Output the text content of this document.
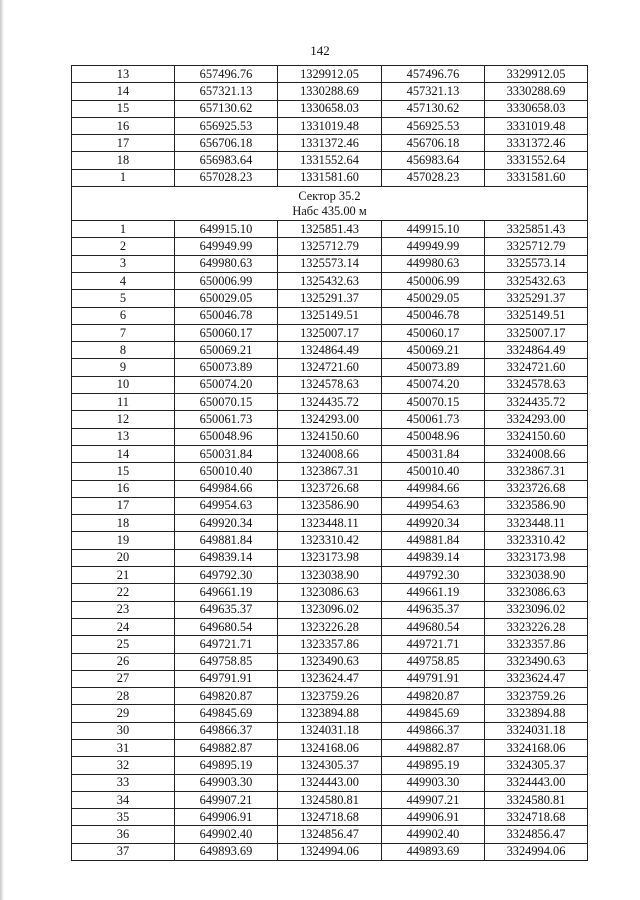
142
13	657496.76	1329912.05	457496.76	3329912.05
14	657321.13	1330288.69	457321.13	3330288.69
15	657130.62	1330658.03	457130.62	3330658.03
16	656925.53	1331019.48	456925.53	3331019.48
17	656706.18	1331372.46	456706.18	3331372.46
18	656983.64	1331552.64	456983.64	3331552.64
1	657028.23	1331581.60	457028.23	3331581.60

Сектор 35.2
Набс 435.00 м				

1	649915.10	1325851.43	449915.10	3325851.43
2	649949.99	1325712.79	449949.99	3325712.79
3	649980.63	1325573.14	449980.63	3325573.14
4	650006.99	1325432.63	450006.99	3325432.63
5	650029.05	1325291.37	450029.05	3325291.37
6	650046.78	1325149.51	450046.78	3325149.51
7	650060.17	1325007.17	450060.17	3325007.17
8	650069.21	1324864.49	450069.21	3324864.49
9	650073.89	1324721.60	450073.89	3324721.60
10	650074.20	1324578.63	450074.20	3324578.63
11	650070.15	1324435.72	450070.15	3324435.72
12	650061.73	1324293.00	450061.73	3324293.00
13	650048.96	1324150.60	450048.96	3324150.60
14	650031.84	1324008.66	450031.84	3324008.66
15	650010.40	1323867.31	450010.40	3323867.31
16	649984.66	1323726.68	449984.66	3323726.68
17	649954.63	1323586.90	449954.63	3323586.90
18	649920.34	1323448.11	449920.34	3323448.11
19	649881.84	1323310.42	449881.84	3323310.42
20	649839.14	1323173.98	449839.14	3323173.98
21	649792.30	1323038.90	449792.30	3323038.90
22	649661.19	1323086.63	449661.19	3323086.63
23	649635.37	1323096.02	449635.37	3323096.02
24	649680.54	1323226.28	449680.54	3323226.28
25	649721.71	1323357.86	449721.71	3323357.86
26	649758.85	1323490.63	449758.85	3323490.63
27	649791.91	1323624.47	449791.91	3323624.47
28	649820.87	1323759.26	449820.87	3323759.26
29	649845.69	1323894.88	449845.69	3323894.88
30	649866.37	1324031.18	449866.37	3324031.18
31	649882.87	1324168.06	449882.87	3324168.06
32	649895.19	1324305.37	449895.19	3324305.37
33	649903.30	1324443.00	449903.30	3324443.00
34	649907.21	1324580.81	449907.21	3324580.81
35	649906.91	1324718.68	449906.91	3324718.68
36	649902.40	1324856.47	449902.40	3324856.47
37	649893.69	1324994.06	449893.69	3324994.06
